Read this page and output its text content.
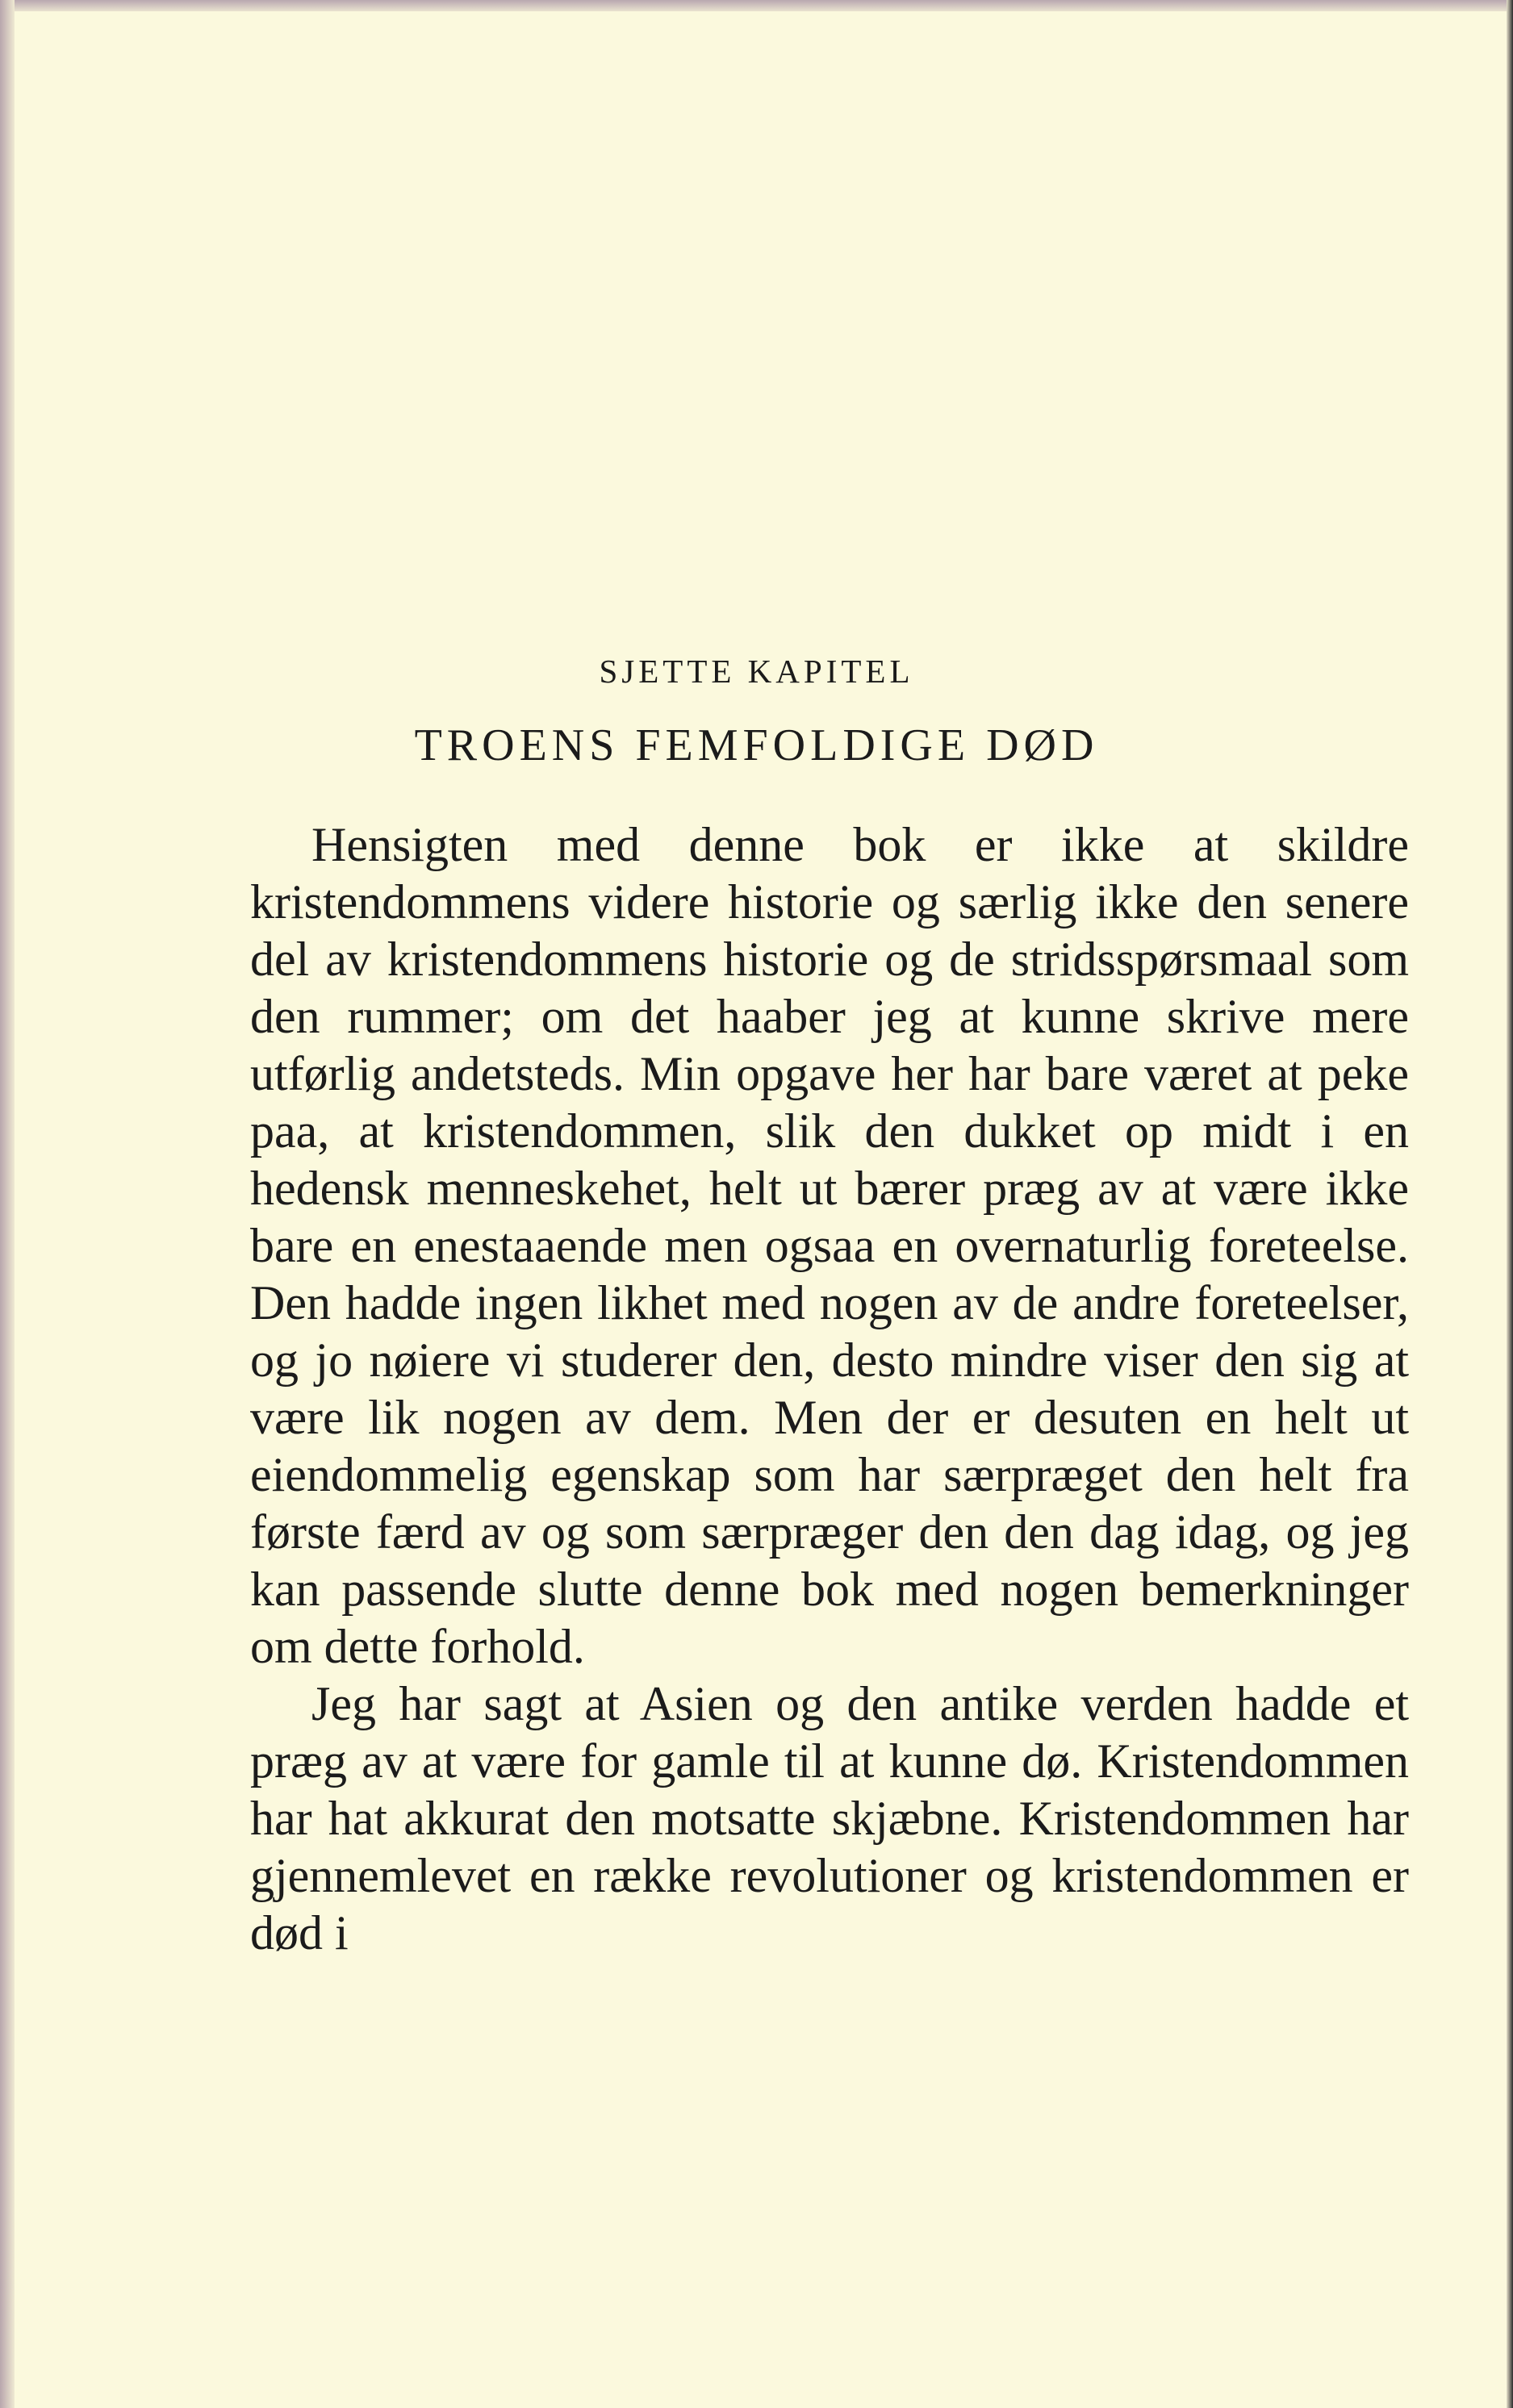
SJETTE KAPITEL
TROENS FEMFOLDIGE DØD

Hensigten med denne bok er ikke at skildre kristendommens videre historie og særlig ikke den senere del av kristendommens historie og de stridsspørsmaal som den rummer; om det haaber jeg at kunne skrive mere utførlig andetsteds. Min opgave her har bare været at peke paa, at kristendommen, slik den dukket op midt i en hedensk menneskehet, helt ut bærer præg av at være ikke bare en enestaaende men ogsaa en overnaturlig foreteelse. Den hadde ingen likhet med nogen av de andre foreteelser, og jo nøiere vi studerer den, desto mindre viser den sig at være lik nogen av dem. Men der er desuten en helt ut eiendommelig egenskap som har særpræget den helt fra første færd av og som særpræger den den dag idag, og jeg kan passende slutte denne bok med nogen bemerkninger om dette forhold.

Jeg har sagt at Asien og den antike verden hadde et præg av at være for gamle til at kunne dø. Kristendommen har hat akkurat den motsatte skjæbne. Kristendommen har gjennemlevet en række revolutioner og kristendommen er død i
